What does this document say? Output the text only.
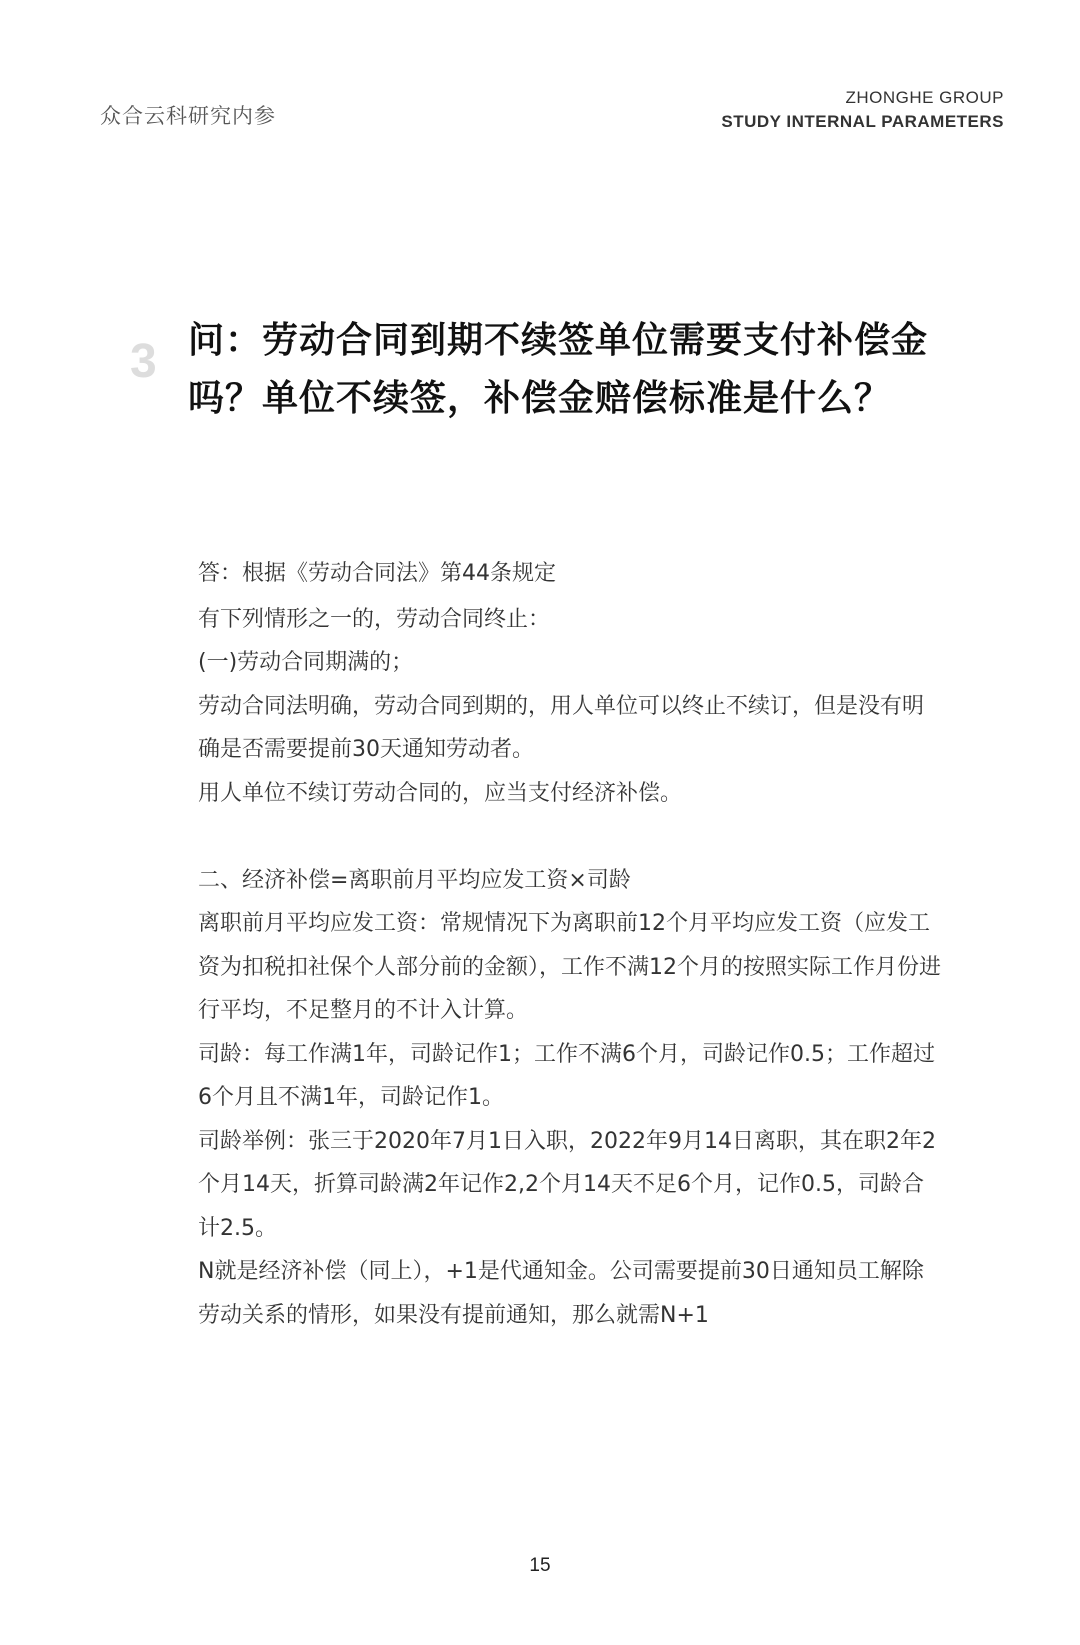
众合云科研究内参
ZHONGHE GROUP
STUDY INTERNAL PARAMETERS
3 问：劳动合同到期不续签单位需要支付补偿金
吗？单位不续签，补偿金赔偿标准是什么？

答：根据《劳动合同法》第44条规定

有下列情形之一的，劳动合同终止：

(一)劳动合同期满的；

劳动合同法明确，劳动合同到期的，用人单位可以终止不续订，但是没有明确是否需要提前30天通知劳动者。

用人单位不续订劳动合同的，应当支付经济补偿。

二、经济补偿=离职前月平均应发工资×司龄

离职前月平均应发工资：常规情况下为离职前12个月平均应发工资（应发工资为扣税扣社保个人部分前的金额），工作不满12个月的按照实际工作月份进行平均，不足整月的不计入计算。

司龄：每工作满1年，司龄记作1；工作不满6个月，司龄记作0.5；工作超过6个月且不满1年，司龄记作1。

司龄举例：张三于2020年7月1日入职，2022年9月14日离职，其在职2年2个月14天，折算司龄满2年记作2,2个月14天不足6个月，记作0.5，司龄合计2.5。

N就是经济补偿（同上），+1是代通知金。公司需要提前30日通知员工解除劳动关系的情形，如果没有提前通知，那么就需N+1

15
